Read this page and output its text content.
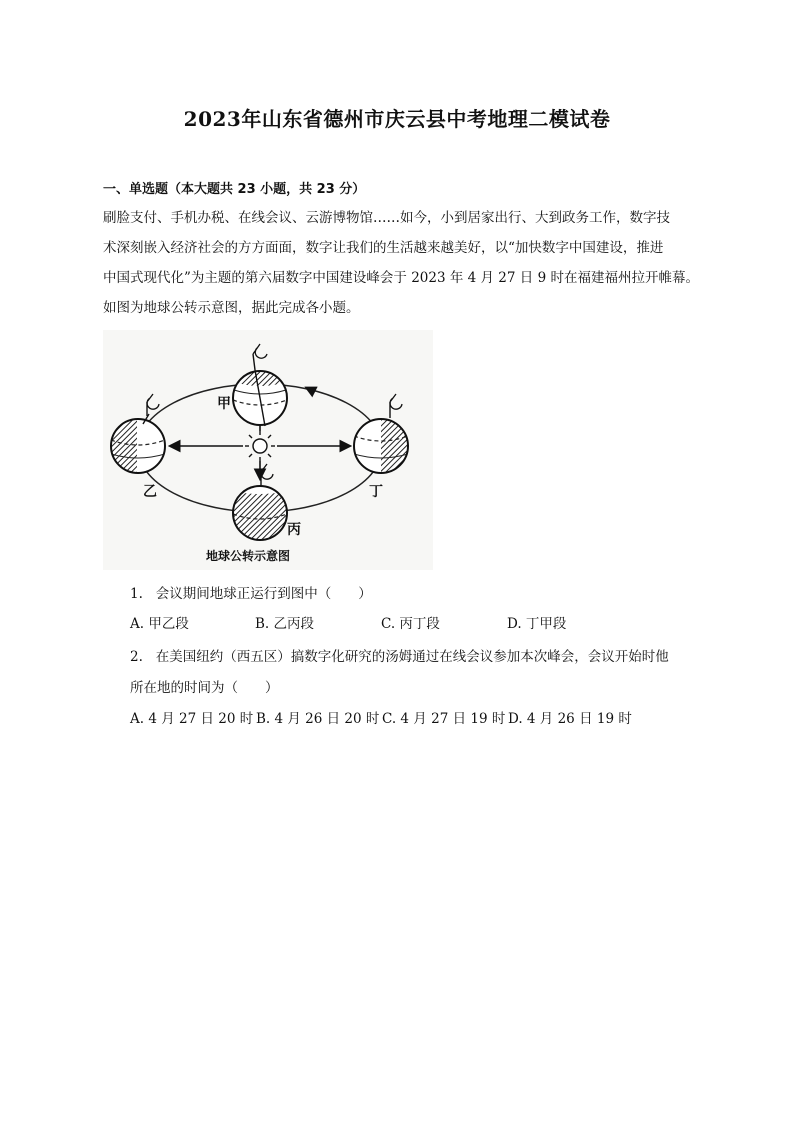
2023年山东省德州市庆云县中考地理二模试卷
一、单选题（本大题共 23 小题，共 23 分）

刷脸支付、手机办税、在线会议、云游博物馆……如今，小到居家出行、大到政务工作，数字技

术深刻嵌入经济社会的方方面面，数字让我们的生活越来越美好，以“加快数字中国建设，推进

中国式现代化”为主题的第六届数字中国建设峰会于 2023 年 4 月 27 日 9 时在福建福州拉开帷幕。

如图为地球公转示意图，据此完成各小题。

甲
乙
丙
丁
地球公转示意图
1. 会议期间地球正运行到图中（　　）
A. 甲乙段	B. 乙丙段	C. 丙丁段	D. 丁甲段
2. 在美国纽约（西五区）搞数字化研究的汤姆通过在线会议参加本次峰会，会议开始时他
所在地的时间为（　　）
A. 4 月 27 日 20 时 B. 4 月 26 日 20 时 C. 4 月 27 日 19 时 D. 4 月 26 日 19 时
